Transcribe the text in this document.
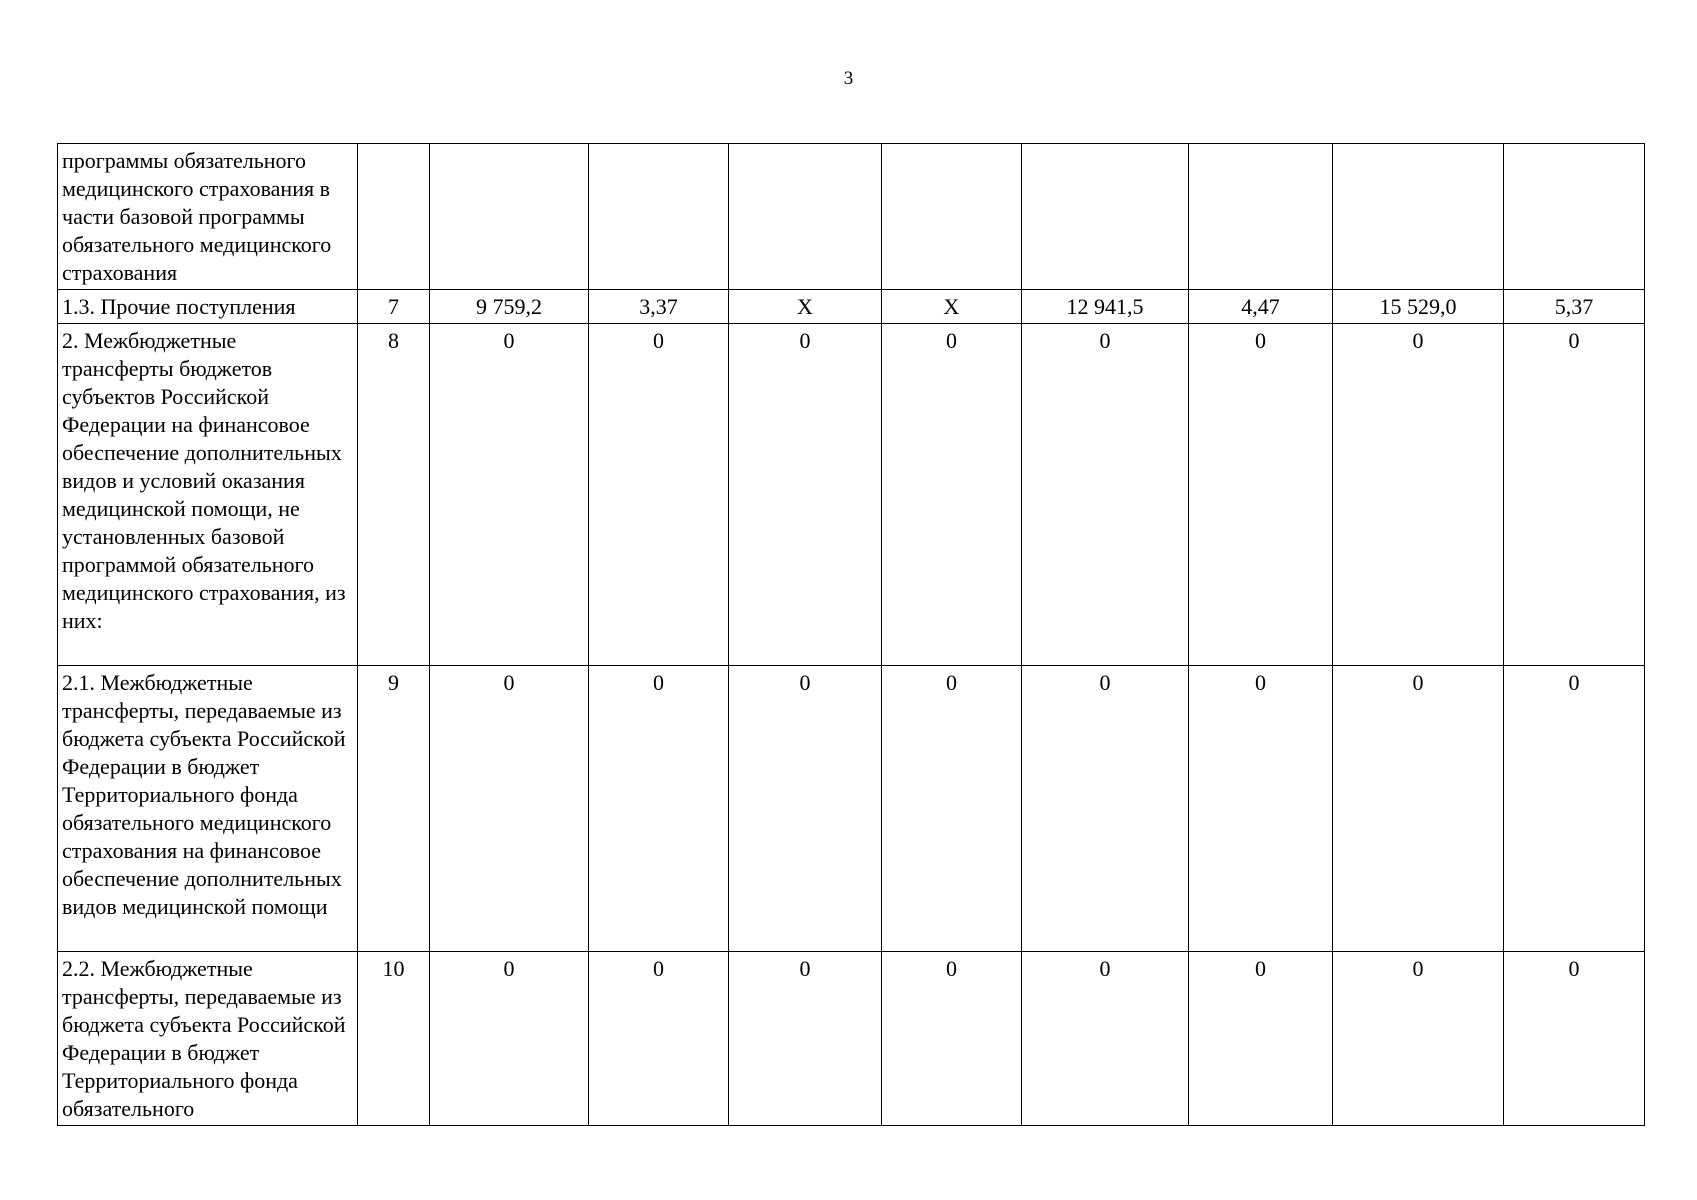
3
программы обязательного медицинского страхования в части базовой программы обязательного медицинского страхования									
1.3. Прочие поступления	7	9 759,2	3,37	X	X	12 941,5	4,47	15 529,0	5,37
2. Межбюджетные трансферты бюджетов субъектов Российской Федерации на финансовое обеспечение дополнительных видов и условий оказания медицинской помощи, не установленных базовой программой обязательного медицинского страхования, из них:	8	0	0	0	0	0	0	0	0
2.1. Межбюджетные трансферты, передаваемые из бюджета субъекта Российской Федерации в бюджет Территориального фонда обязательного медицинского страхования на финансовое обеспечение дополнительных видов медицинской помощи	9	0	0	0	0	0	0	0	0
2.2. Межбюджетные трансферты, передаваемые из бюджета субъекта Российской Федерации в бюджет Территориального фонда обязательного	10	0	0	0	0	0	0	0	0
